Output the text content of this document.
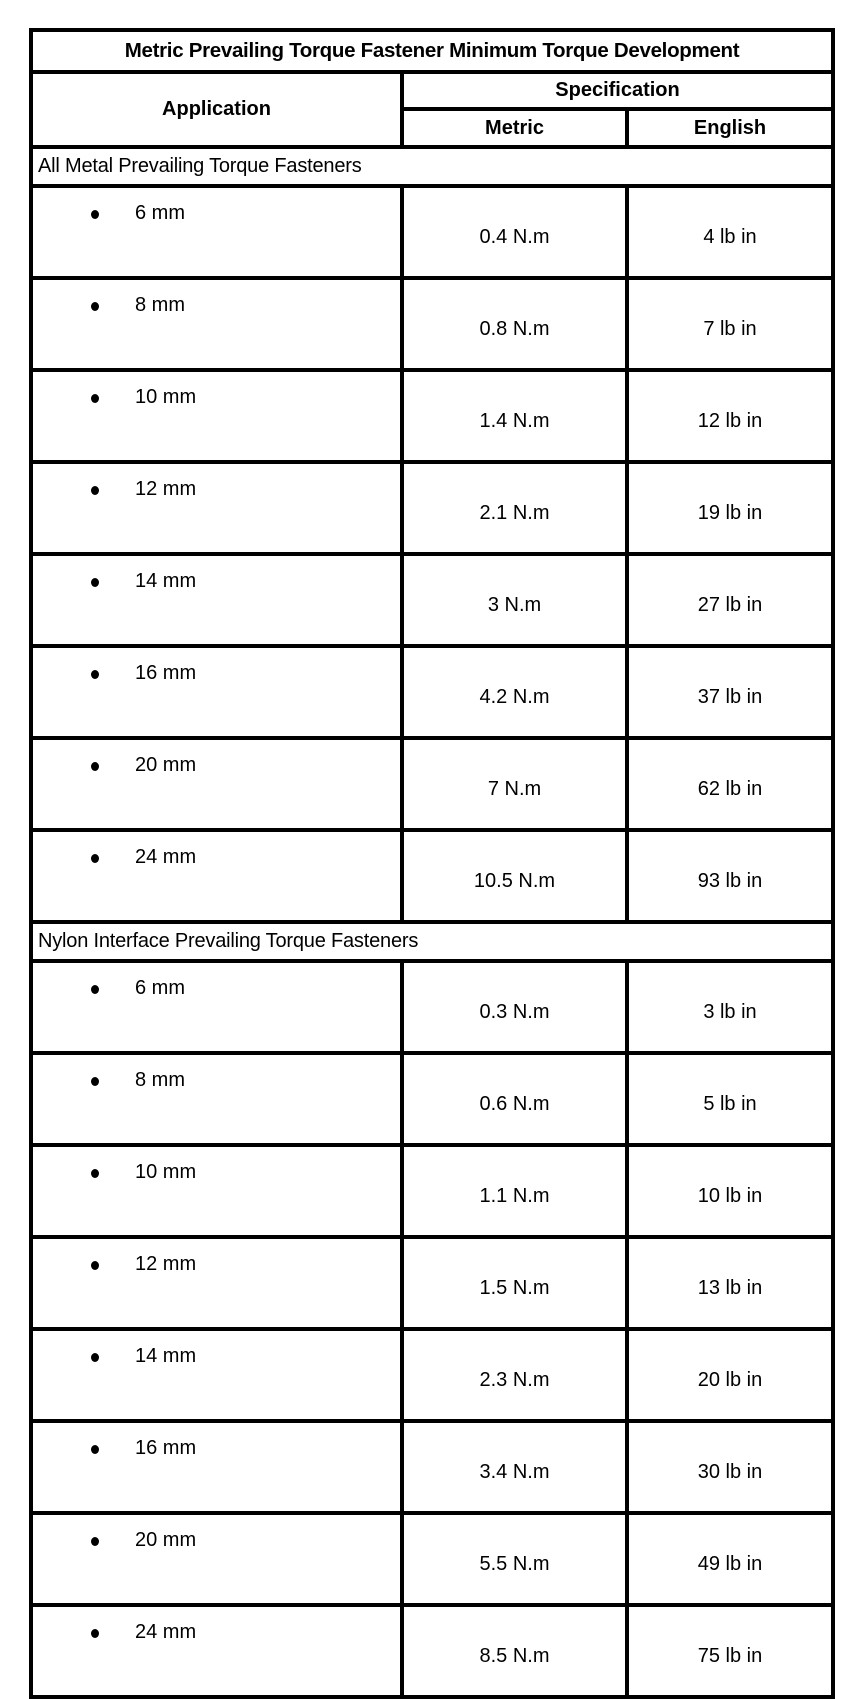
Metric Prevailing Torque Fastener Minimum Torque Development		
Application	Specification	
	Metric	English
All Metal Prevailing Torque Fasteners		

6 mm	0.4 N.m	4 lb in

8 mm	0.8 N.m	7 lb in

10 mm	1.4 N.m	12 lb in

12 mm	2.1 N.m	19 lb in

14 mm	3 N.m	27 lb in

16 mm	4.2 N.m	37 lb in

20 mm	7 N.m	62 lb in

24 mm	10.5 N.m	93 lb in
Nylon Interface Prevailing Torque Fasteners		

6 mm	0.3 N.m	3 lb in

8 mm	0.6 N.m	5 lb in

10 mm	1.1 N.m	10 lb in

12 mm	1.5 N.m	13 lb in

14 mm	2.3 N.m	20 lb in

16 mm	3.4 N.m	30 lb in

20 mm	5.5 N.m	49 lb in

24 mm	8.5 N.m	75 lb in
